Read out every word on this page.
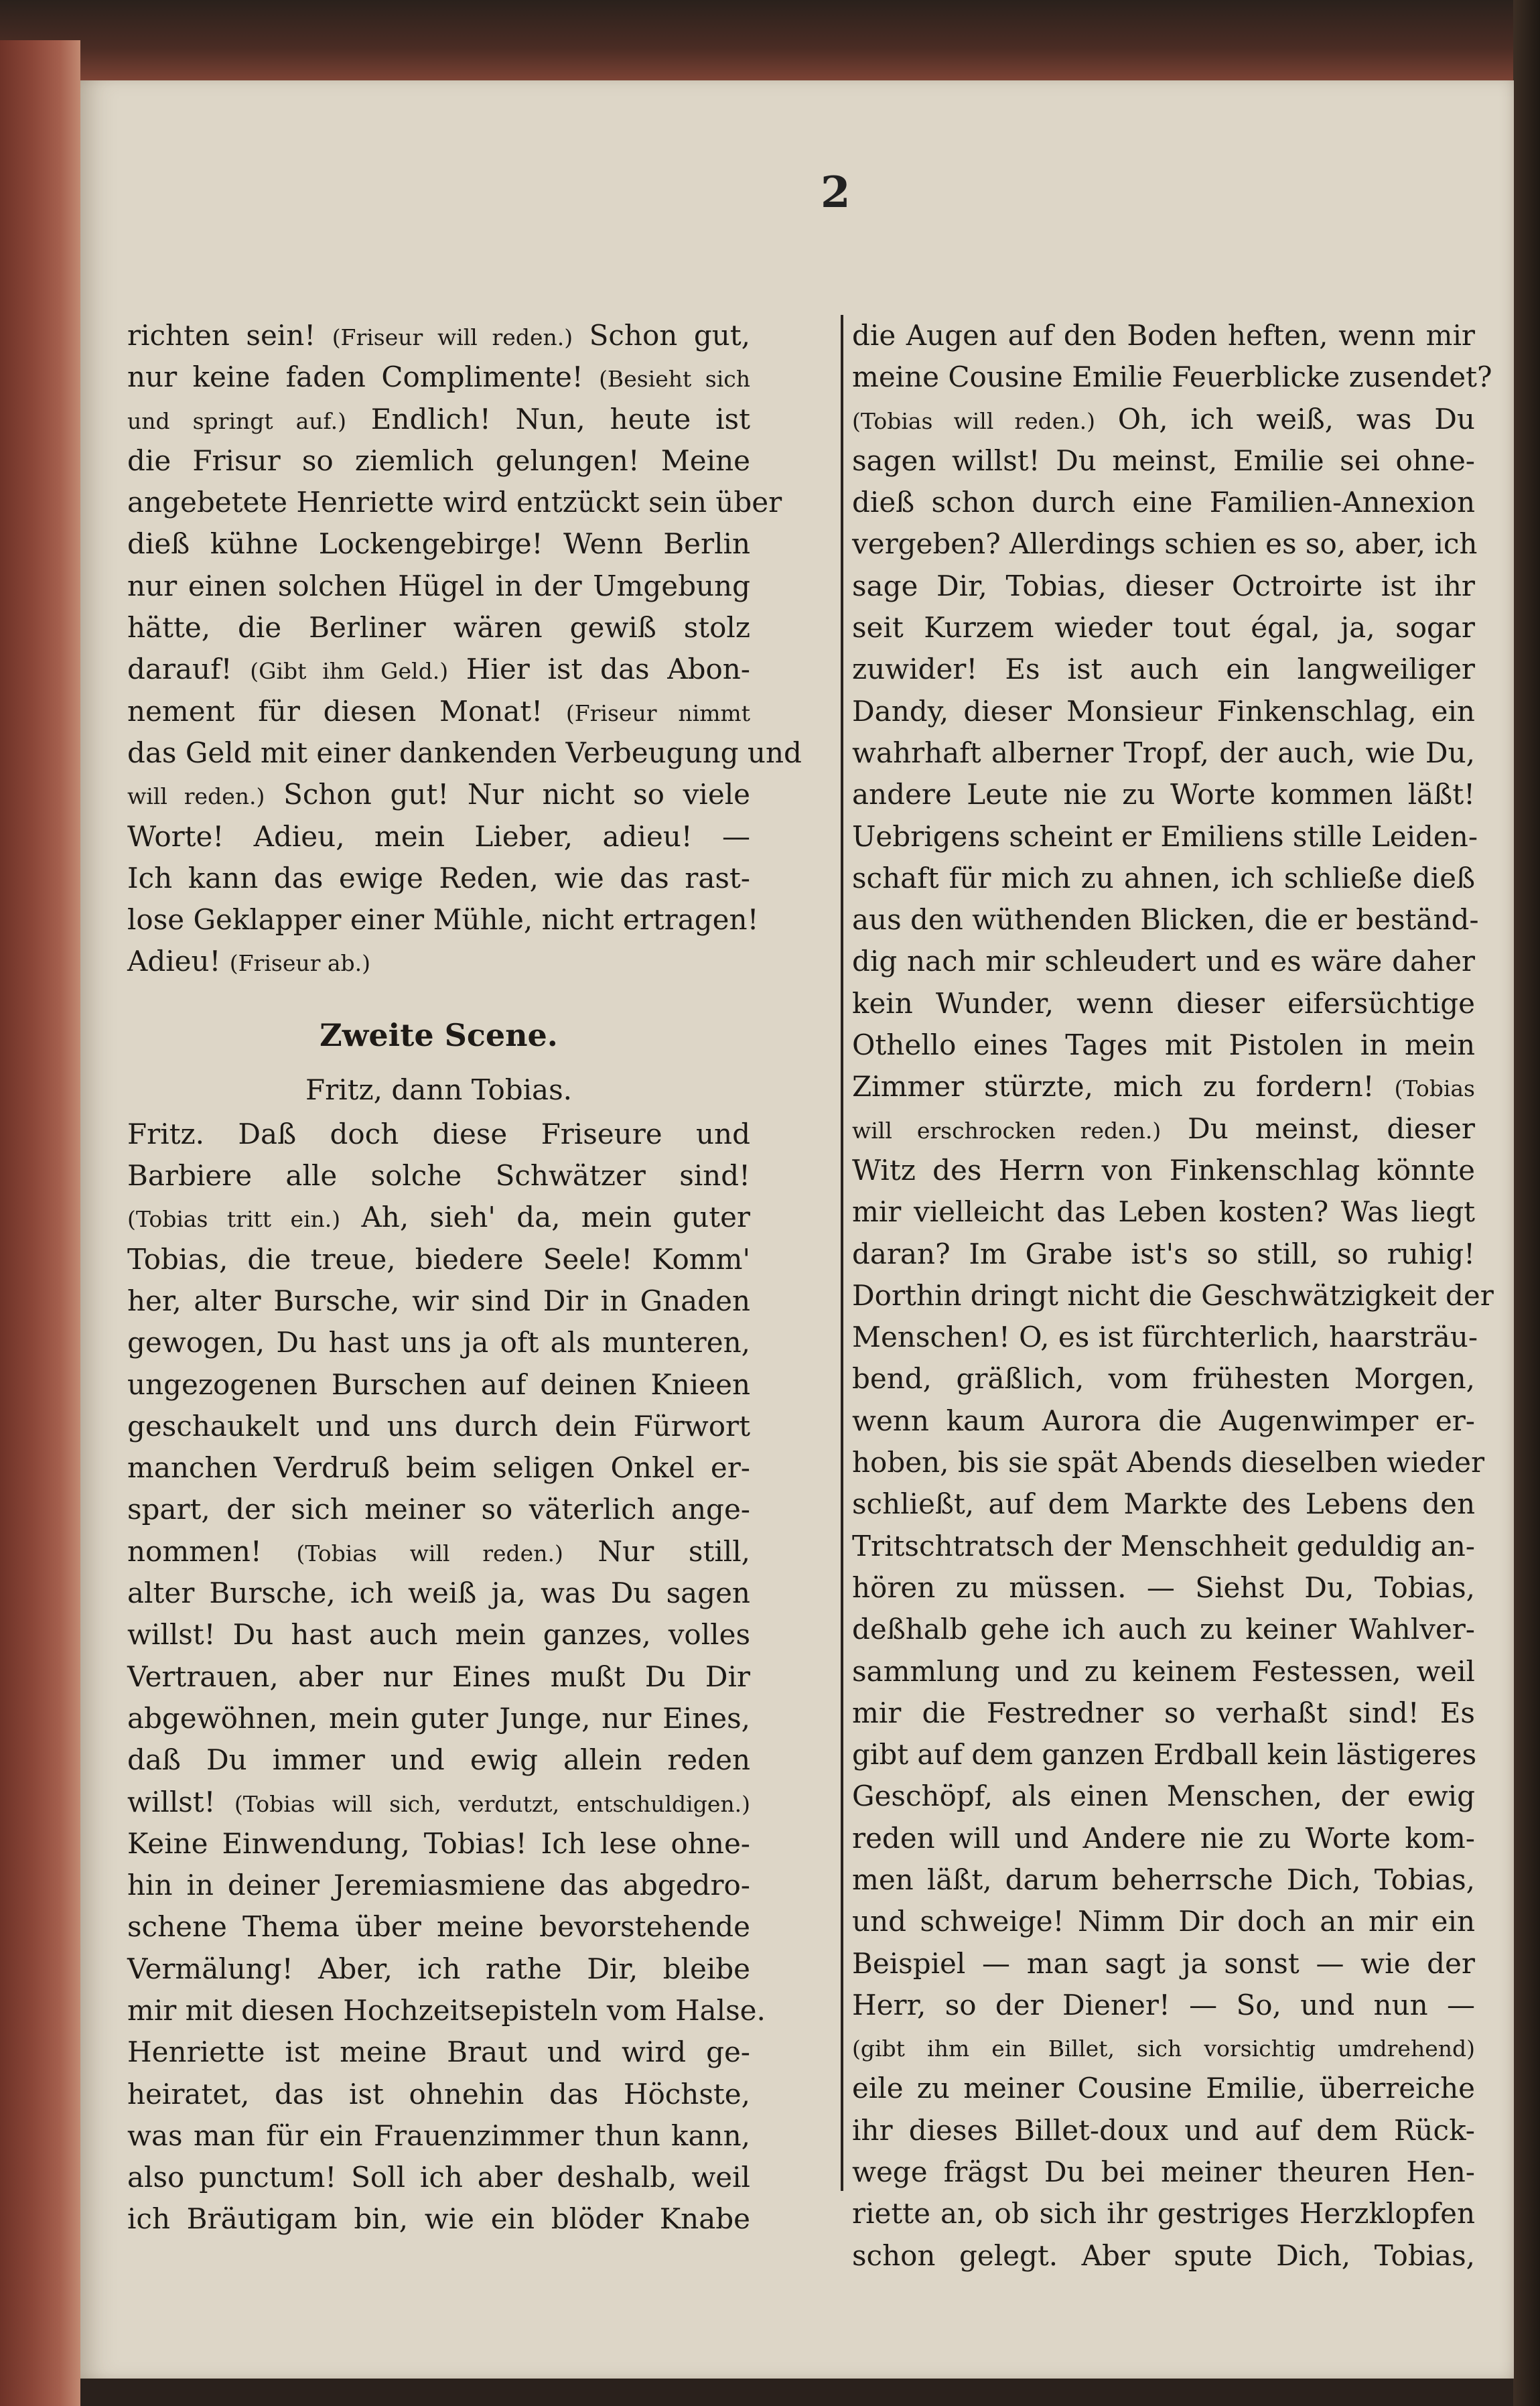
2
richten sein! (Friseur will reden.) Schon gut,
nur keine faden Complimente! (Besieht sich
und springt auf.) Endlich! Nun, heute ist
die Frisur so ziemlich gelungen! Meine
angebetete Henriette wird entzückt sein über
dieß kühne Lockengebirge! Wenn Berlin
nur einen solchen Hügel in der Umgebung
hätte, die Berliner wären gewiß stolz
darauf! (Gibt ihm Geld.) Hier ist das Abon-
nement für diesen Monat! (Friseur nimmt
das Geld mit einer dankenden Verbeugung und
will reden.) Schon gut! Nur nicht so viele
Worte! Adieu, mein Lieber, adieu! —
Ich kann das ewige Reden, wie das rast-
lose Geklapper einer Mühle, nicht ertragen!
Adieu! (Friseur ab.)
Zweite Scene.
Fritz, dann Tobias.
Fritz. Daß doch diese Friseure und
Barbiere alle solche Schwätzer sind!
(Tobias tritt ein.) Ah, sieh' da, mein guter
Tobias, die treue, biedere Seele! Komm'
her, alter Bursche, wir sind Dir in Gnaden
gewogen, Du hast uns ja oft als munteren,
ungezogenen Burschen auf deinen Knieen
geschaukelt und uns durch dein Fürwort
manchen Verdruß beim seligen Onkel er-
spart, der sich meiner so väterlich ange-
nommen! (Tobias will reden.) Nur still,
alter Bursche, ich weiß ja, was Du sagen
willst! Du hast auch mein ganzes, volles
Vertrauen, aber nur Eines mußt Du Dir
abgewöhnen, mein guter Junge, nur Eines,
daß Du immer und ewig allein reden
willst! (Tobias will sich, verdutzt, entschuldigen.)
Keine Einwendung, Tobias! Ich lese ohne-
hin in deiner Jeremiasmiene das abgedro-
schene Thema über meine bevorstehende
Vermälung! Aber, ich rathe Dir, bleibe
mir mit diesen Hochzeitsepisteln vom Halse.
Henriette ist meine Braut und wird ge-
heiratet, das ist ohnehin das Höchste,
was man für ein Frauenzimmer thun kann,
also punctum! Soll ich aber deshalb, weil
ich Bräutigam bin, wie ein blöder Knabe
die Augen auf den Boden heften, wenn mir
meine Cousine Emilie Feuerblicke zusendet?
(Tobias will reden.) Oh, ich weiß, was Du
sagen willst! Du meinst, Emilie sei ohne-
dieß schon durch eine Familien-Annexion
vergeben? Allerdings schien es so, aber, ich
sage Dir, Tobias, dieser Octroirte ist ihr
seit Kurzem wieder tout égal, ja, sogar
zuwider! Es ist auch ein langweiliger
Dandy, dieser Monsieur Finkenschlag, ein
wahrhaft alberner Tropf, der auch, wie Du,
andere Leute nie zu Worte kommen läßt!
Uebrigens scheint er Emiliens stille Leiden-
schaft für mich zu ahnen, ich schließe dieß
aus den wüthenden Blicken, die er beständ-
dig nach mir schleudert und es wäre daher
kein Wunder, wenn dieser eifersüchtige
Othello eines Tages mit Pistolen in mein
Zimmer stürzte, mich zu fordern! (Tobias
will erschrocken reden.) Du meinst, dieser
Witz des Herrn von Finkenschlag könnte
mir vielleicht das Leben kosten? Was liegt
daran? Im Grabe ist's so still, so ruhig!
Dorthin dringt nicht die Geschwätzigkeit der
Menschen! O, es ist fürchterlich, haarsträu-
bend, gräßlich, vom frühesten Morgen,
wenn kaum Aurora die Augenwimper er-
hoben, bis sie spät Abends dieselben wieder
schließt, auf dem Markte des Lebens den
Tritschtratsch der Menschheit geduldig an-
hören zu müssen. — Siehst Du, Tobias,
deßhalb gehe ich auch zu keiner Wahlver-
sammlung und zu keinem Festessen, weil
mir die Festredner so verhaßt sind! Es
gibt auf dem ganzen Erdball kein lästigeres
Geschöpf, als einen Menschen, der ewig
reden will und Andere nie zu Worte kom-
men läßt, darum beherrsche Dich, Tobias,
und schweige! Nimm Dir doch an mir ein
Beispiel — man sagt ja sonst — wie der
Herr, so der Diener! — So, und nun —
(gibt ihm ein Billet, sich vorsichtig umdrehend)
eile zu meiner Cousine Emilie, überreiche
ihr dieses Billet-doux und auf dem Rück-
wege frägst Du bei meiner theuren Hen-
riette an, ob sich ihr gestriges Herzklopfen
schon gelegt. Aber spute Dich, Tobias,
